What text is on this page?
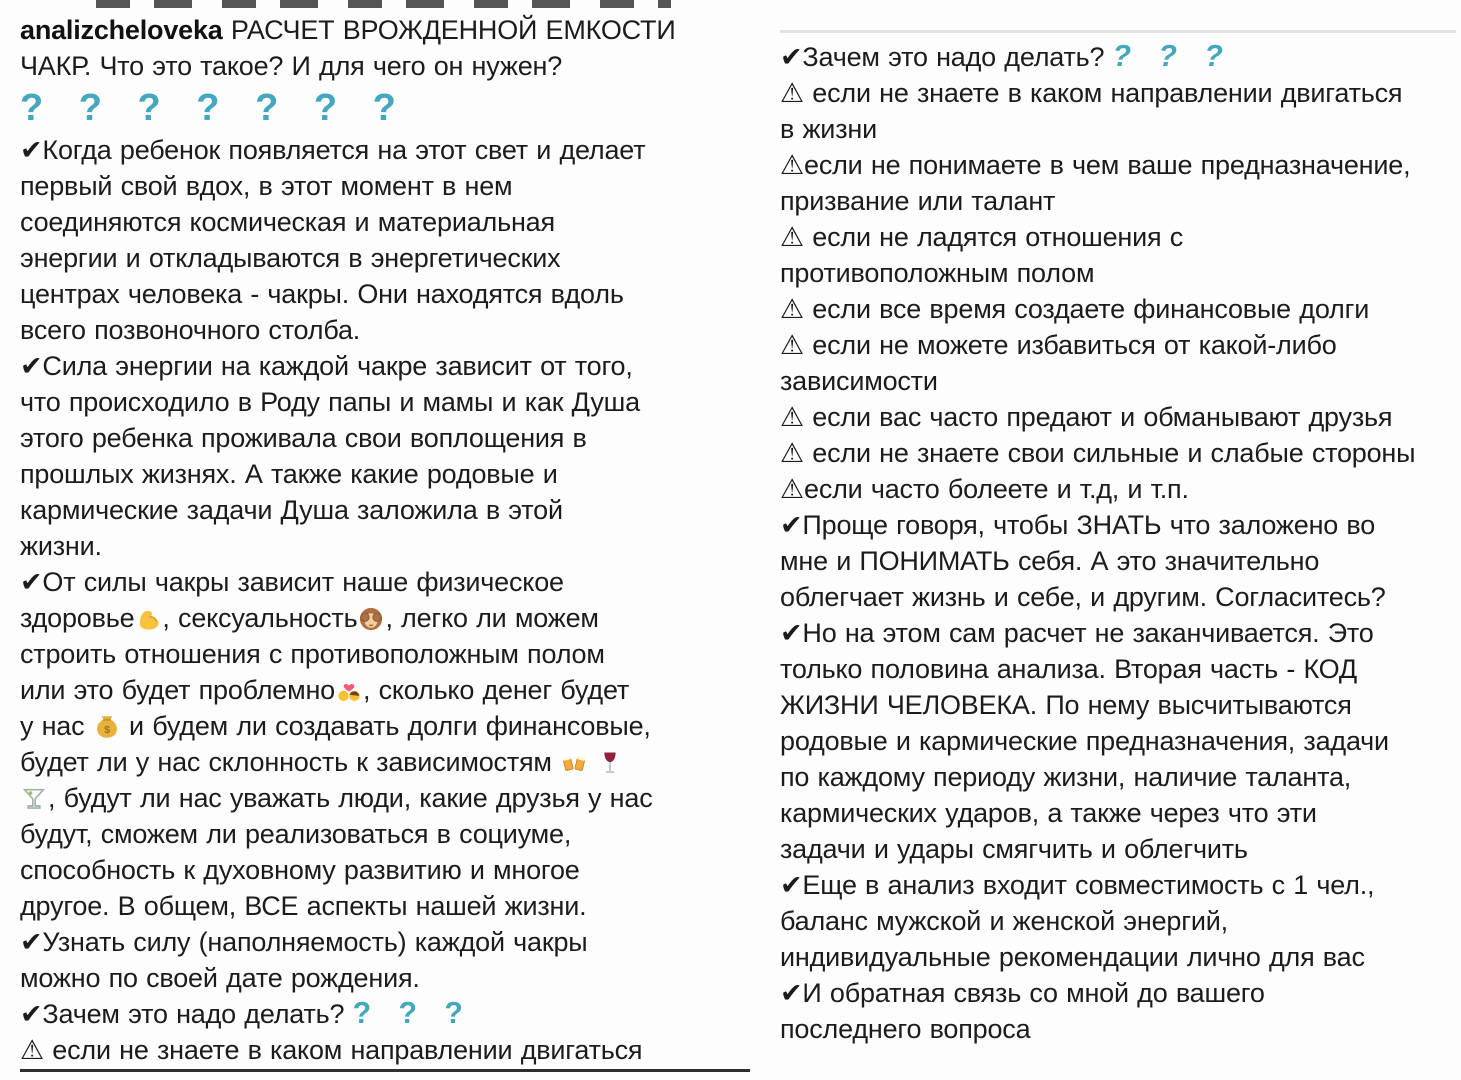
analizcheloveka РАСЧЕТ ВРОЖДЕННОЙ ЕМКОСТИ
ЧАКР. Что это такое? И для чего он нужен?
? ? ? ? ? ? ?
✔Когда ребенок появляется на этот свет и делает
первый свой вдох, в этот момент в нем
соединяются космическая и материальная
энергии и откладываются в энергетических
центрах человека - чакры. Они находятся вдоль
всего позвоночного столба.
✔Сила энергии на каждой чакре зависит от того,
что происходило в Роду папы и мамы и как Душа
этого ребенка проживала свои воплощения в
прошлых жизнях. А также какие родовые и
кармические задачи Душа заложила в этой
жизни.
✔От силы чакры зависит наше физическое
здоровье , сексуальность , легко ли можем
строить отношения с противоположным полом
или это будет проблемно , сколько денег будет
у нас $ и будем ли создавать долги финансовые,
будет ли у нас склонность к зависимостям
, будут ли нас уважать люди, какие друзья у нас
будут, сможем ли реализоваться в социуме,
способность к духовному развитию и многое
другое. В общем, ВСЕ аспекты нашей жизни.
✔Узнать силу (наполняемость) каждой чакры
можно по своей дате рождения.
✔Зачем это надо делать? ? ? ?
⚠ если не знаете в каком направлении двигаться
✔Зачем это надо делать? ? ? ?
⚠ если не знаете в каком направлении двигаться
в жизни
⚠если не понимаете в чем ваше предназначение,
призвание или талант
⚠ если не ладятся отношения с
противоположным полом
⚠ если все время создаете финансовые долги
⚠ если не можете избавиться от какой-либо
зависимости
⚠ если вас часто предают и обманывают друзья
⚠ если не знаете свои сильные и слабые стороны
⚠если часто болеете и т.д, и т.п.
✔Проще говоря, чтобы ЗНАТЬ что заложено во
мне и ПОНИМАТЬ себя. А это значительно
облегчает жизнь и себе, и другим. Согласитесь?
✔Но на этом сам расчет не заканчивается. Это
только половина анализа. Вторая часть - КОД
ЖИЗНИ ЧЕЛОВЕКА. По нему высчитываются
родовые и кармические предназначения, задачи
по каждому периоду жизни, наличие таланта,
кармических ударов, а также через что эти
задачи и удары смягчить и облегчить
✔Еще в анализ входит совместимость с 1 чел.,
баланс мужской и женской энергий,
индивидуальные рекомендации лично для вас
✔И обратная связь со мной до вашего
последнего вопроса
